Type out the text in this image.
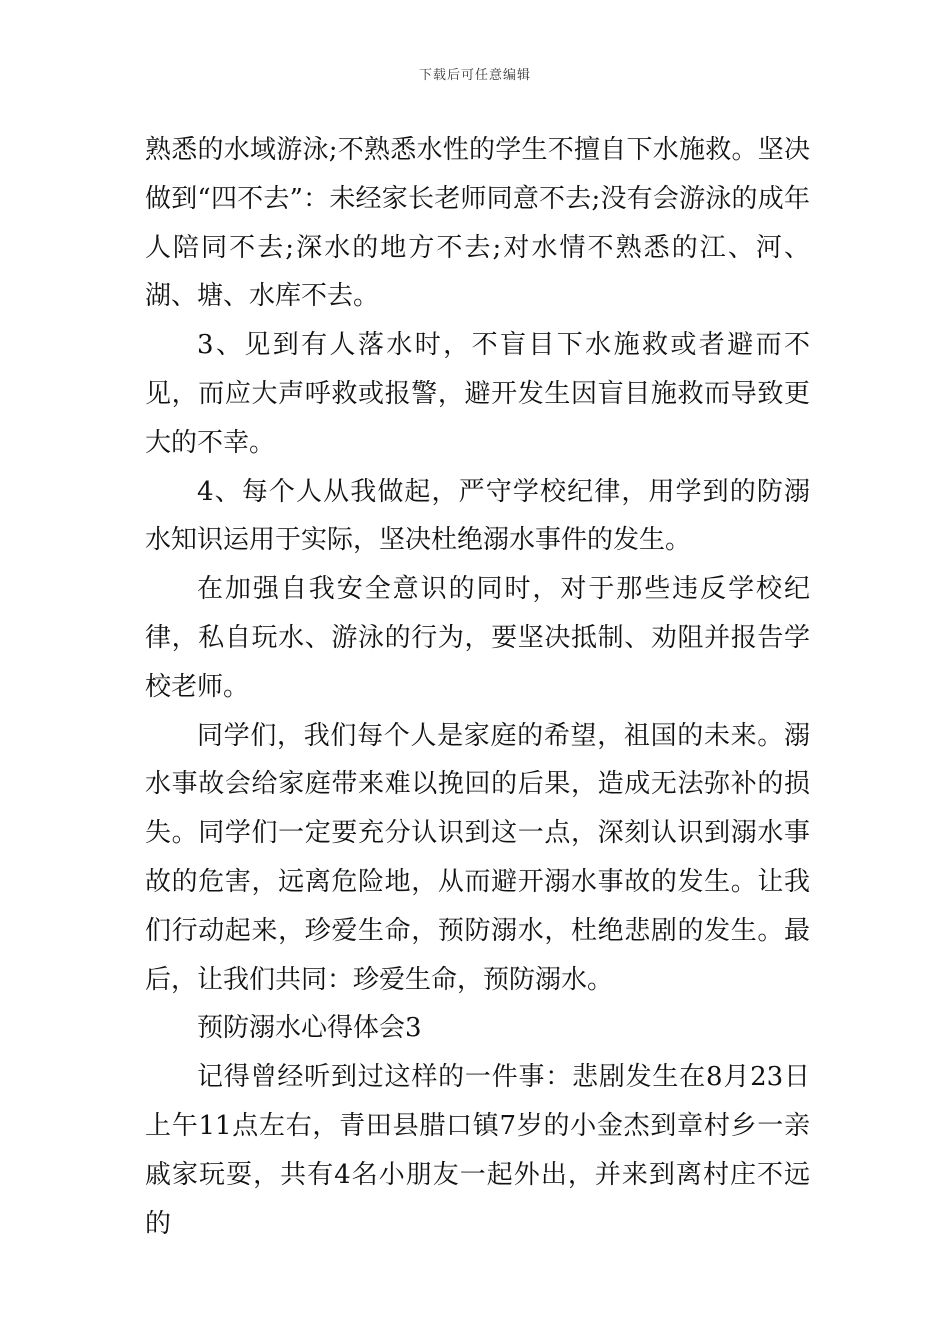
下载后可任意编辑

熟悉的水域游泳;不熟悉水性的学生不擅自下水施救。坚决做到“四不去”：未经家长老师同意不去;没有会游泳的成年人陪同不去;深水的地方不去;对水情不熟悉的江、河、湖、塘、水库不去。

3、见到有人落水时，不盲目下水施救或者避而不见，而应大声呼救或报警，避开发生因盲目施救而导致更大的不幸。

4、每个人从我做起，严守学校纪律，用学到的防溺水知识运用于实际，坚决杜绝溺水事件的发生。

在加强自我安全意识的同时，对于那些违反学校纪律，私自玩水、游泳的行为，要坚决抵制、劝阻并报告学校老师。

同学们，我们每个人是家庭的希望，祖国的未来。溺水事故会给家庭带来难以挽回的后果，造成无法弥补的损失。同学们一定要充分认识到这一点，深刻认识到溺水事故的危害，远离危险地，从而避开溺水事故的发生。让我们行动起来，珍爱生命，预防溺水，杜绝悲剧的发生。最后，让我们共同：珍爱生命，预防溺水。

预防溺水心得体会3

记得曾经听到过这样的一件事：悲剧发生在8月23日上午11点左右，青田县腊口镇7岁的小金杰到章村乡一亲戚家玩耍，共有4名小朋友一起外出，并来到离村庄不远的
